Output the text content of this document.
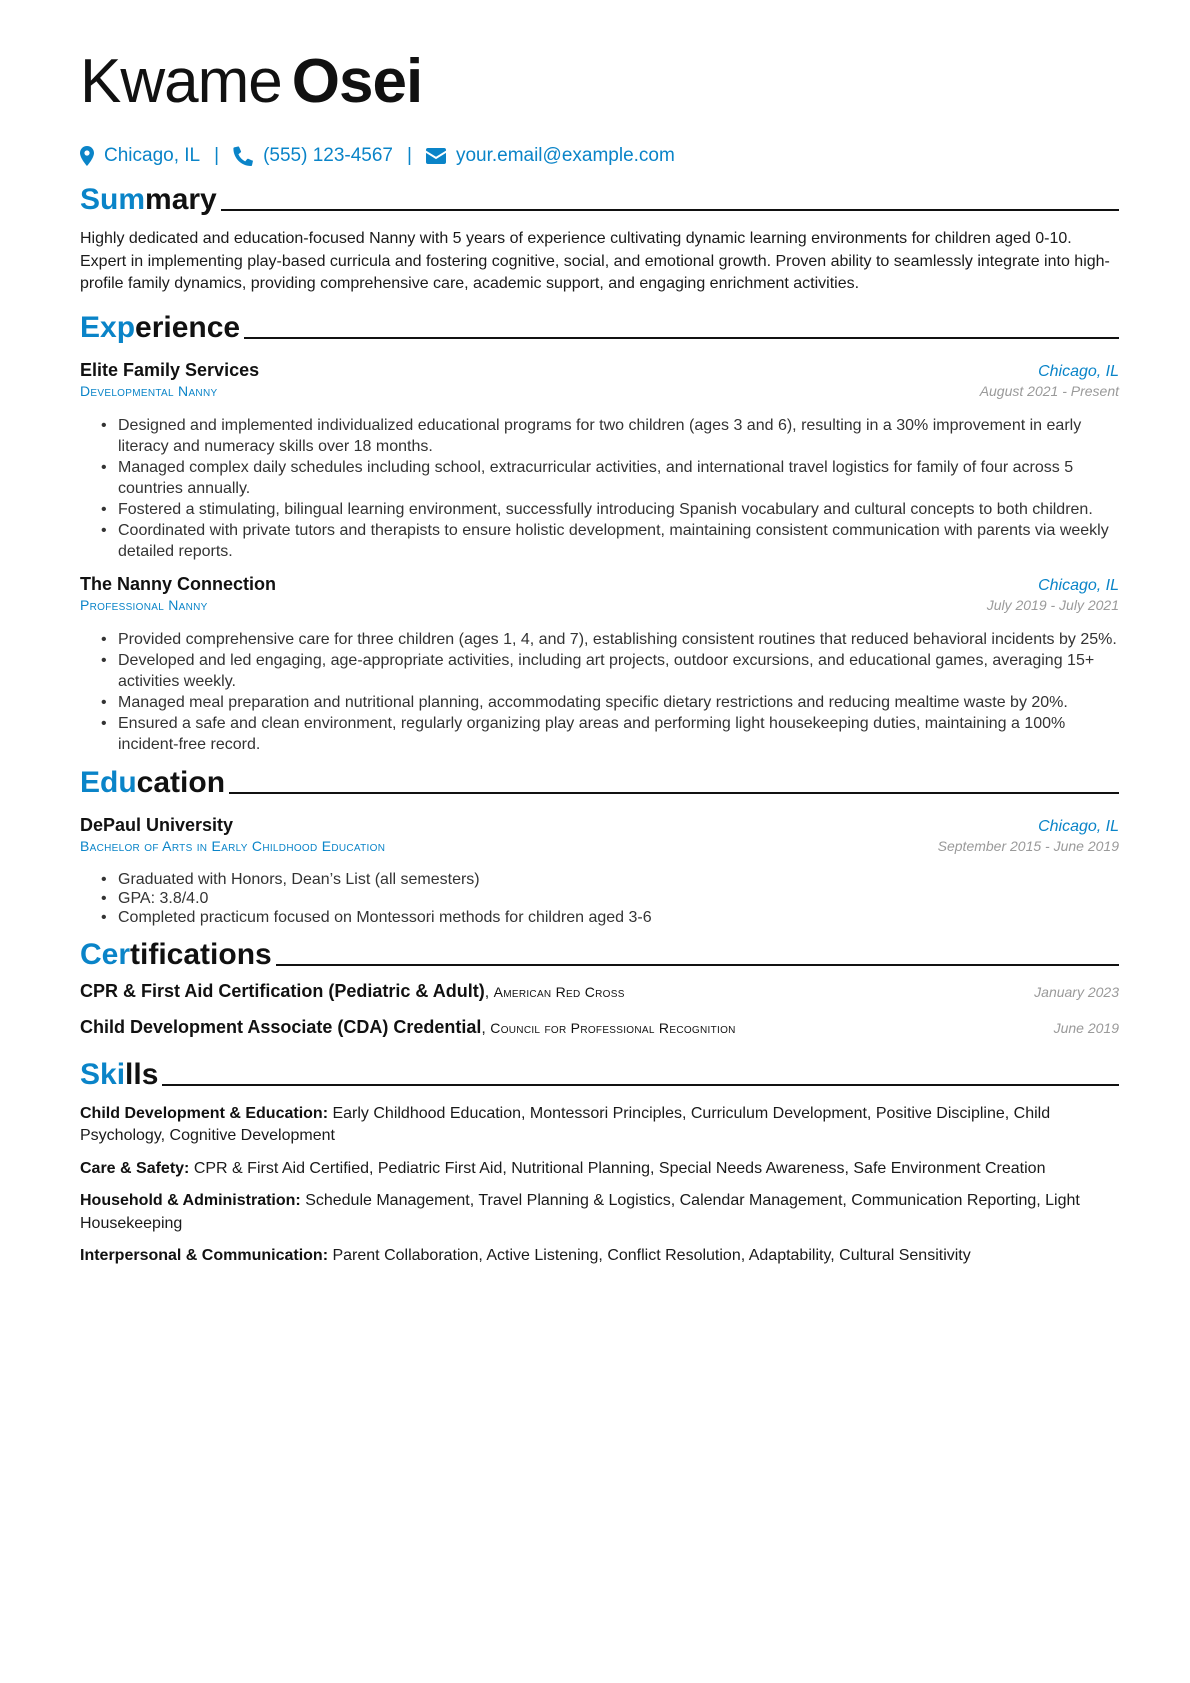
Kwame Osei
Chicago, IL | (555) 123-4567 | your.email@example.com
Summary

Highly dedicated and education-focused Nanny with 5 years of experience cultivating dynamic learning environments for children aged 0-10. Expert in implementing play-based curricula and fostering cognitive, social, and emotional growth. Proven ability to seamlessly integrate into high-profile family dynamics, providing comprehensive care, academic support, and engaging enrichment activities.

Experience
Elite Family Services	Chicago, IL
Developmental Nanny	August 2021 - Present
• Designed and implemented individualized educational programs for two children (ages 3 and 6), resulting in a 30% improvement in early literacy and numeracy skills over 18 months.
• Managed complex daily schedules including school, extracurricular activities, and international travel logistics for family of four across 5 countries annually.
• Fostered a stimulating, bilingual learning environment, successfully introducing Spanish vocabulary and cultural concepts to both children.
• Coordinated with private tutors and therapists to ensure holistic development, maintaining consistent communication with parents via weekly detailed reports.
The Nanny Connection	Chicago, IL
Professional Nanny	July 2019 - July 2021
• Provided comprehensive care for three children (ages 1, 4, and 7), establishing consistent routines that reduced behavioral incidents by 25%.
• Developed and led engaging, age-appropriate activities, including art projects, outdoor excursions, and educational games, averaging 15+ activities weekly.
• Managed meal preparation and nutritional planning, accommodating specific dietary restrictions and reducing mealtime waste by 20%.
• Ensured a safe and clean environment, regularly organizing play areas and performing light housekeeping duties, maintaining a 100% incident-free record.
Education
DePaul University	Chicago, IL
Bachelor of Arts in Early Childhood Education	September 2015 - June 2019
• Graduated with Honors, Dean’s List (all semesters)
• GPA: 3.8/4.0
• Completed practicum focused on Montessori methods for children aged 3-6
Certifications
CPR & First Aid Certification (Pediatric & Adult), American Red Cross	January 2023
Child Development Associate (CDA) Credential, Council for Professional Recognition	June 2019
Skills
Child Development & Education: Early Childhood Education, Montessori Principles, Curriculum Development, Positive Discipline, Child Psychology, Cognitive Development
Care & Safety: CPR & First Aid Certified, Pediatric First Aid, Nutritional Planning, Special Needs Awareness, Safe Environment Creation
Household & Administration: Schedule Management, Travel Planning & Logistics, Calendar Management, Communication Reporting, Light Housekeeping
Interpersonal & Communication: Parent Collaboration, Active Listening, Conflict Resolution, Adaptability, Cultural Sensitivity
